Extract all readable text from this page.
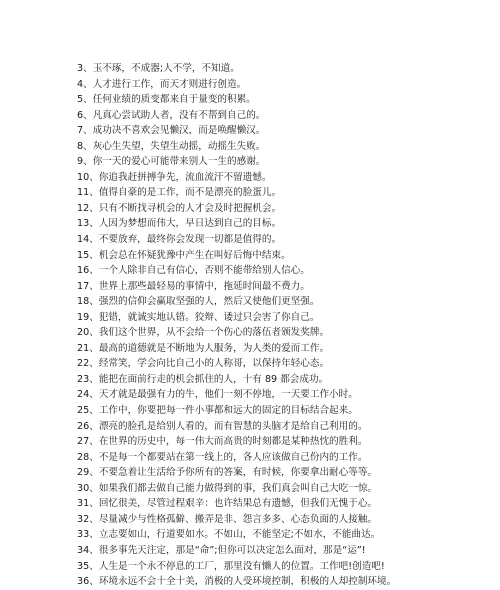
3、玉不琢，不成器;人不学，不知道。
4、人才进行工作，而天才则进行创造。
5、任何业绩的质变都来自于量变的积累。
6、凡真心尝试助人者，没有不帮到自己的。
7、成功决不喜欢会见懒汉，而是唤醒懒汉。
8、灰心生失望，失望生动摇，动摇生失败。
9、你一天的爱心可能带来别人一生的感谢。
10、你追我赶拼搏争先，流血流汗不留遗憾。
11、值得自豪的是工作，而不是漂亮的脸蛋儿。
12、只有不断找寻机会的人才会及时把握机会。
13、人因为梦想而伟大，早日达到自己的目标。
14、不要放弃，最终你会发现一切都是值得的。
15、机会总在怀疑犹豫中产生在叫好后悔中结束。
16、一个人除非自己有信心，否则不能带给别人信心。
17、世界上那些最轻易的事情中，拖延时间最不费力。
18、强烈的信仰会赢取坚强的人，然后又使他们更坚强。
19、犯错，就诚实地认错。狡辩、诿过只会害了你自己。
20、我们这个世界，从不会给一个伤心的落伍者颁发奖牌。
21、最高的道德就是不断地为人服务，为人类的爱而工作。
22、经常笑，学会向比自己小的人称哥，以保持年轻心态。
23、能把在面前行走的机会抓住的人，十有 89 都会成功。
24、天才就是最强有力的牛，他们一刻不停地，一天要工作小时。
25、工作中，你要把每一件小事都和远大的固定的目标结合起来。
26、漂亮的脸孔是给别人看的，而有智慧的头脑才是给自己利用的。
27、在世界的历史中，每一伟大而高贵的时刻都是某种热忱的胜利。
28、不是每一个都要站在第一线上的，各人应该做自己份内的工作。
29、不要急着让生活给予你所有的答案，有时候，你要拿出耐心等等。
30、如果我们都去做自己能力做得到的事，我们真会叫自己大吃一惊。
31、回忆很美，尽管过程艰辛：也许结果总有遗憾，但我们无愧于心。
32、尽量减少与性格孤僻、搬弄是非、怨言多多、心态负面的人接触。
33、立志要如山，行道要如水。不如山，不能坚定;不如水，不能曲达。
34、很多事先天注定，那是“命”;但你可以决定怎么面对，那是“运”!
35、人生是一个永不停息的工厂，那里没有懒人的位置。工作吧!创造吧!
36、环境永远不会十全十美，消极的人受环境控制，积极的人却控制环境。
